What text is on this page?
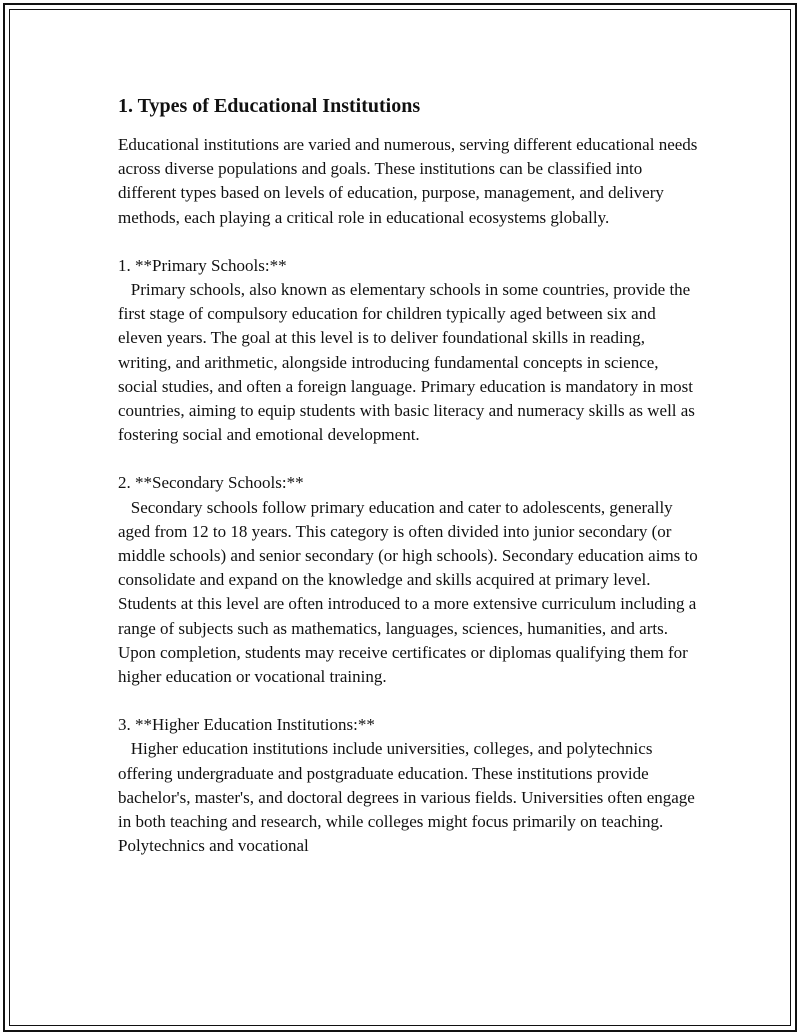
1. Types of Educational Institutions

Educational institutions are varied and numerous, serving different educational needs across diverse populations and goals. These institutions can be classified into different types based on levels of education, purpose, management, and delivery methods, each playing a critical role in educational ecosystems globally.

1. **Primary Schools:**

Primary schools, also known as elementary schools in some countries, provide the first stage of compulsory education for children typically aged between six and eleven years. The goal at this level is to deliver foundational skills in reading, writing, and arithmetic, alongside introducing fundamental concepts in science, social studies, and often a foreign language. Primary education is mandatory in most countries, aiming to equip students with basic literacy and numeracy skills as well as fostering social and emotional development.

2. **Secondary Schools:**

Secondary schools follow primary education and cater to adolescents, generally aged from 12 to 18 years. This category is often divided into junior secondary (or middle schools) and senior secondary (or high schools). Secondary education aims to consolidate and expand on the knowledge and skills acquired at primary level. Students at this level are often introduced to a more extensive curriculum including a range of subjects such as mathematics, languages, sciences, humanities, and arts. Upon completion, students may receive certificates or diplomas qualifying them for higher education or vocational training.

3. **Higher Education Institutions:**

Higher education institutions include universities, colleges, and polytechnics offering undergraduate and postgraduate education. These institutions provide bachelor's, master's, and doctoral degrees in various fields. Universities often engage in both teaching and research, while colleges might focus primarily on teaching. Polytechnics and vocational
